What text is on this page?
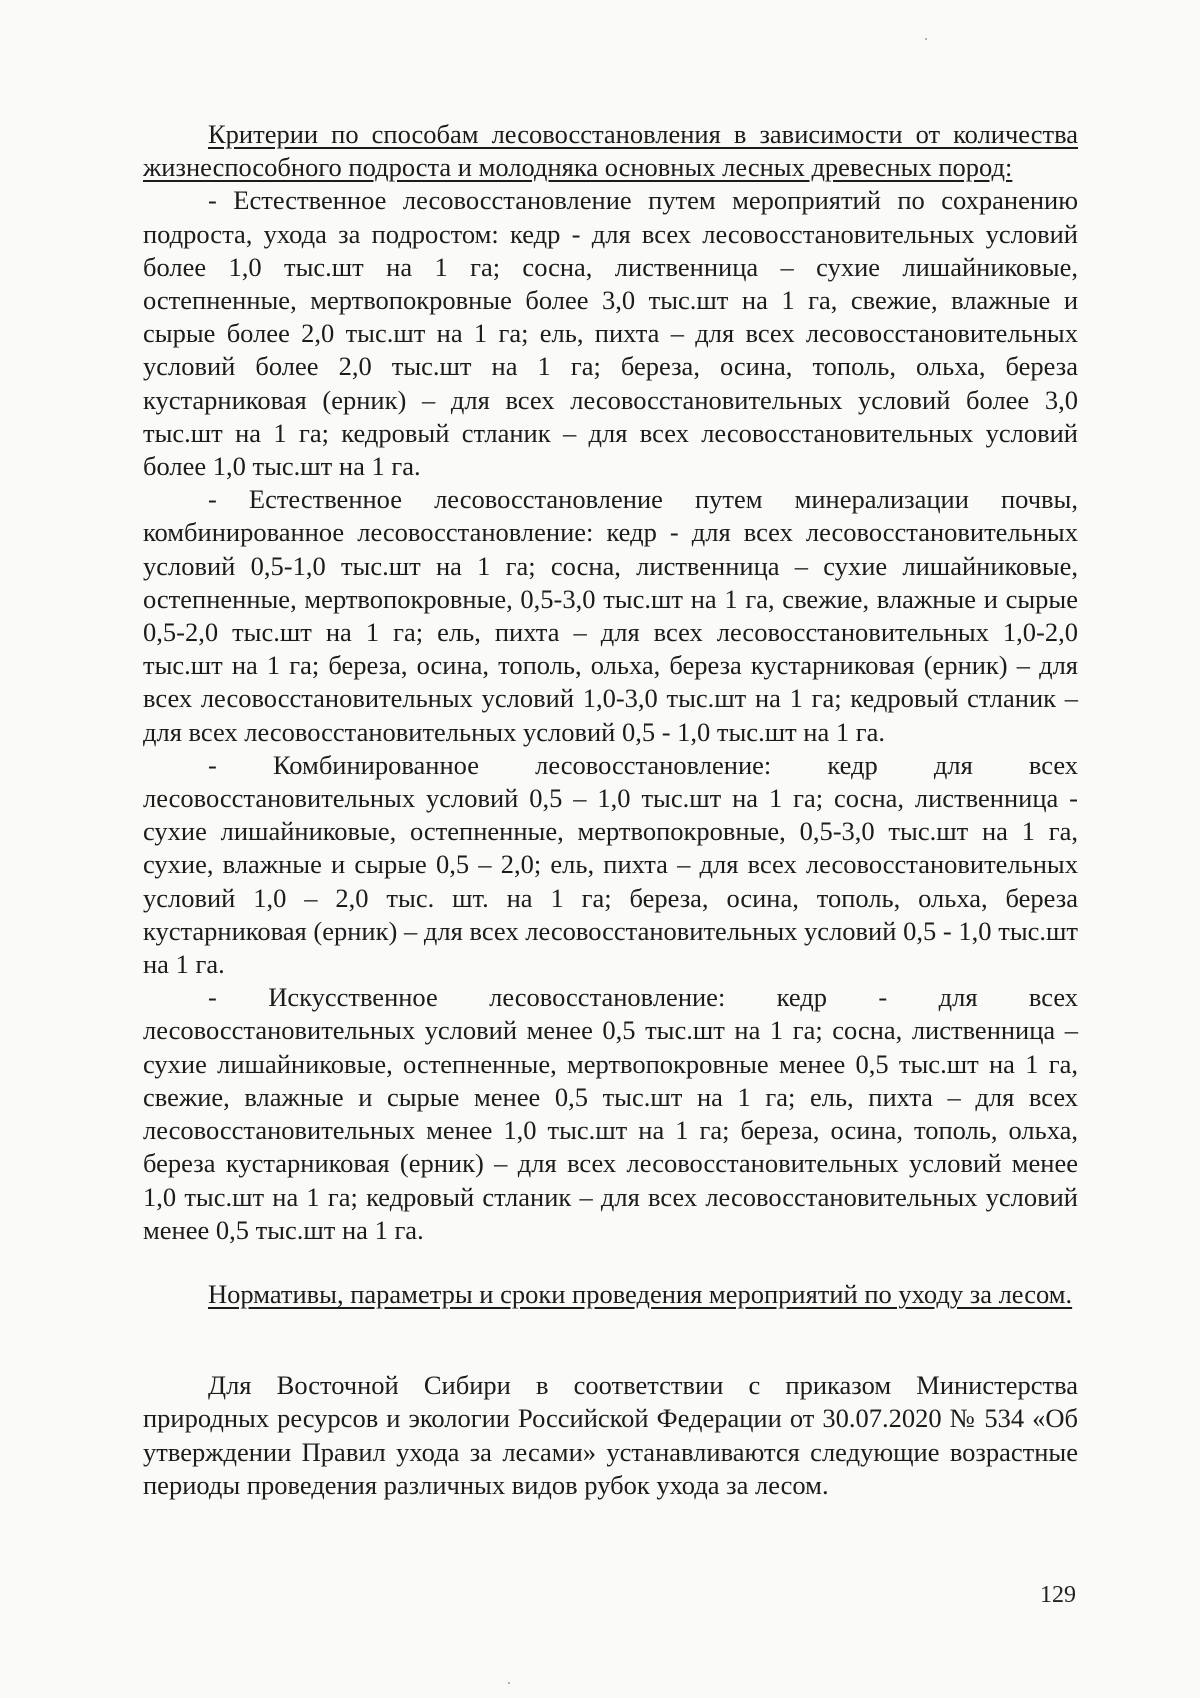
Критерии по способам лесовосстановления в зависимости от количества жизнеспособного подроста и молодняка основных лесных древесных пород:

- Естественное лесовосстановление путем мероприятий по сохранению подроста, ухода за подростом: кедр - для всех лесовосстановительных условий более 1,0 тыс.шт на 1 га; сосна, лиственница – сухие лишайниковые, остепненные, мертвопокровные более 3,0 тыс.шт на 1 га, свежие, влажные и сырые более 2,0 тыс.шт на 1 га; ель, пихта – для всех лесовосстановительных условий более 2,0 тыс.шт на 1 га; береза, осина, тополь, ольха, береза кустарниковая (ерник) – для всех лесовосстановительных условий более 3,0 тыс.шт на 1 га; кедровый стланик – для всех лесовосстановительных условий более 1,0 тыс.шт на 1 га.

- Естественное лесовосстановление путем минерализации почвы, комбинированное лесовосстановление: кедр - для всех лесовосстановительных условий 0,5-1,0 тыс.шт на 1 га; сосна, лиственница – сухие лишайниковые, остепненные, мертвопокровные, 0,5-3,0 тыс.шт на 1 га, свежие, влажные и сырые 0,5-2,0 тыс.шт на 1 га; ель, пихта – для всех лесовосстановительных 1,0-2,0 тыс.шт на 1 га; береза, осина, тополь, ольха, береза кустарниковая (ерник) – для всех лесовосстановительных условий 1,0-3,0 тыс.шт на 1 га; кедровый стланик – для всех лесовосстановительных условий 0,5 - 1,0 тыс.шт на 1 га.

- Комбинированное лесовосстановление: кедр для всех лесовосстановительных условий 0,5 – 1,0 тыс.шт на 1 га; сосна, лиственница - сухие лишайниковые, остепненные, мертвопокровные, 0,5-3,0 тыс.шт на 1 га, сухие, влажные и сырые 0,5 – 2,0; ель, пихта – для всех лесовосстановительных условий 1,0 – 2,0 тыс. шт. на 1 га; береза, осина, тополь, ольха, береза кустарниковая (ерник) – для всех лесовосстановительных условий 0,5 - 1,0 тыс.шт на 1 га.

- Искусственное лесовосстановление: кедр - для всех лесовосстановительных условий менее 0,5 тыс.шт на 1 га; сосна, лиственница – сухие лишайниковые, остепненные, мертвопокровные менее 0,5 тыс.шт на 1 га, свежие, влажные и сырые менее 0,5 тыс.шт на 1 га; ель, пихта – для всех лесовосстановительных менее 1,0 тыс.шт на 1 га; береза, осина, тополь, ольха, береза кустарниковая (ерник) – для всех лесовосстановительных условий менее 1,0 тыс.шт на 1 га; кедровый стланик – для всех лесовосстановительных условий менее 0,5 тыс.шт на 1 га.

Нормативы, параметры и сроки проведения мероприятий по уходу за лесом.

Для Восточной Сибири в соответствии с приказом Министерства природных ресурсов и экологии Российской Федерации от 30.07.2020 № 534 «Об утверждении Правил ухода за лесами» устанавливаются следующие возрастные периоды проведения различных видов рубок ухода за лесом.

129
